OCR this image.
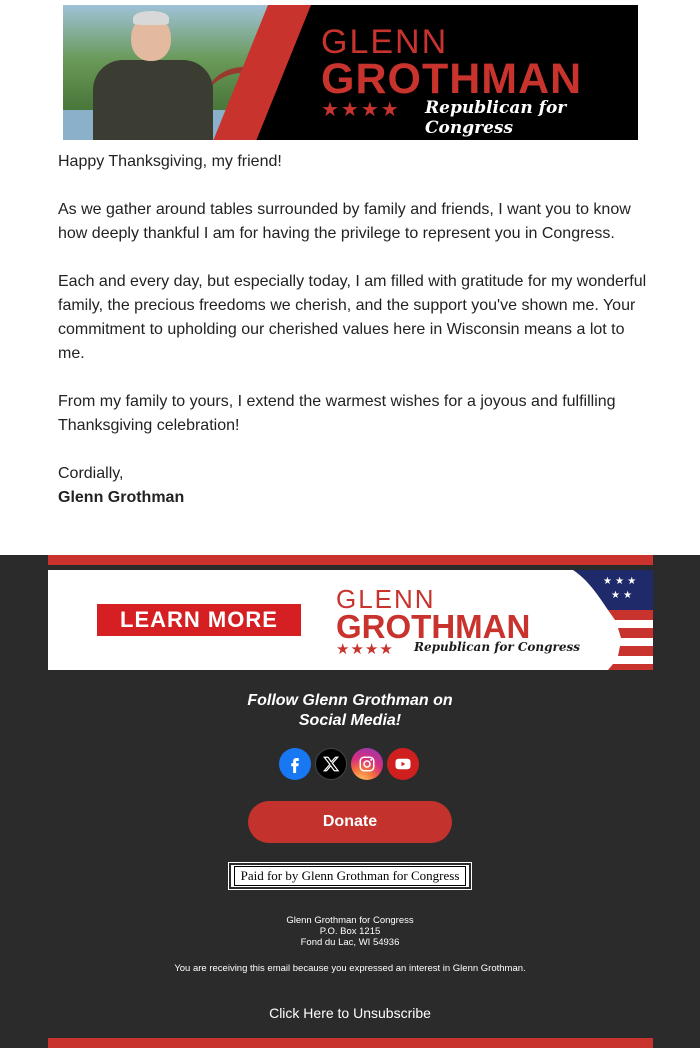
GLENN
GROTHMAN
★★★★ Republican for Congress

Happy Thanksgiving, my friend!

As we gather around tables surrounded by family and friends, I want you to know how deeply thankful I am for having the privilege to represent you in Congress.

Each and every day, but especially today, I am filled with gratitude for my wonderful family, the precious freedoms we cherish, and the support you've shown me. Your commitment to upholding our cherished values here in Wisconsin means a lot to me.

From my family to yours, I extend the warmest wishes for a joyous and fulfilling Thanksgiving celebration!

Cordially,

Glenn Grothman

LEARN MORE
GLENN
GROTHMAN
★★★★ Republican for Congress
★ ★ ★
★ ★
Follow Glenn Grothman on
Social Media!
Donate
Paid for by Glenn Grothman for Congress
Glenn Grothman for Congress
P.O. Box 1215
Fond du Lac, WI 54936
You are receiving this email because you expressed an interest in Glenn Grothman.
Click Here to Unsubscribe
